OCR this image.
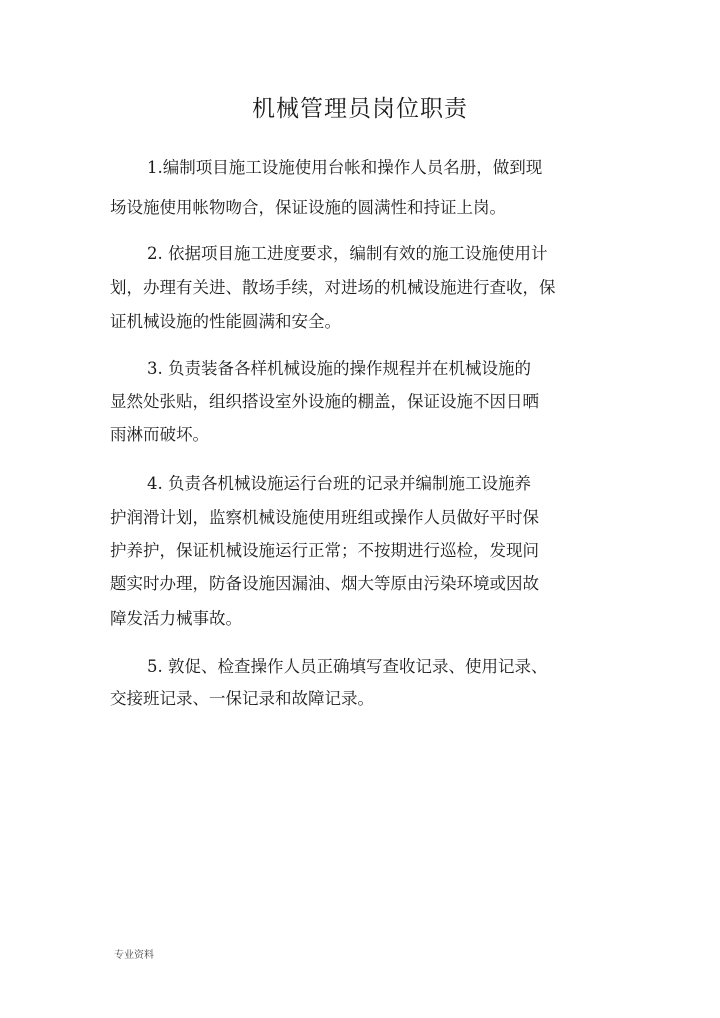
机械管理员岗位职责
1.编制项目施工设施使用台帐和操作人员名册，做到现
场设施使用帐物吻合，保证设施的圆满性和持证上岗。
2. 依据项目施工进度要求，编制有效的施工设施使用计
划，办理有关进、散场手续，对进场的机械设施进行查收，保
证机械设施的性能圆满和安全。
3. 负责装备各样机械设施的操作规程并在机械设施的
显然处张贴，组织搭设室外设施的棚盖，保证设施不因日晒
雨淋而破坏。
4. 负责各机械设施运行台班的记录并编制施工设施养
护润滑计划，监察机械设施使用班组或操作人员做好平时保
护养护，保证机械设施运行正常；不按期进行巡检，发现问
题实时办理，防备设施因漏油、烟大等原由污染环境或因故
障发活力械事故。
5. 敦促、检查操作人员正确填写查收记录、使用记录、
交接班记录、一保记录和故障记录。
专业资料
